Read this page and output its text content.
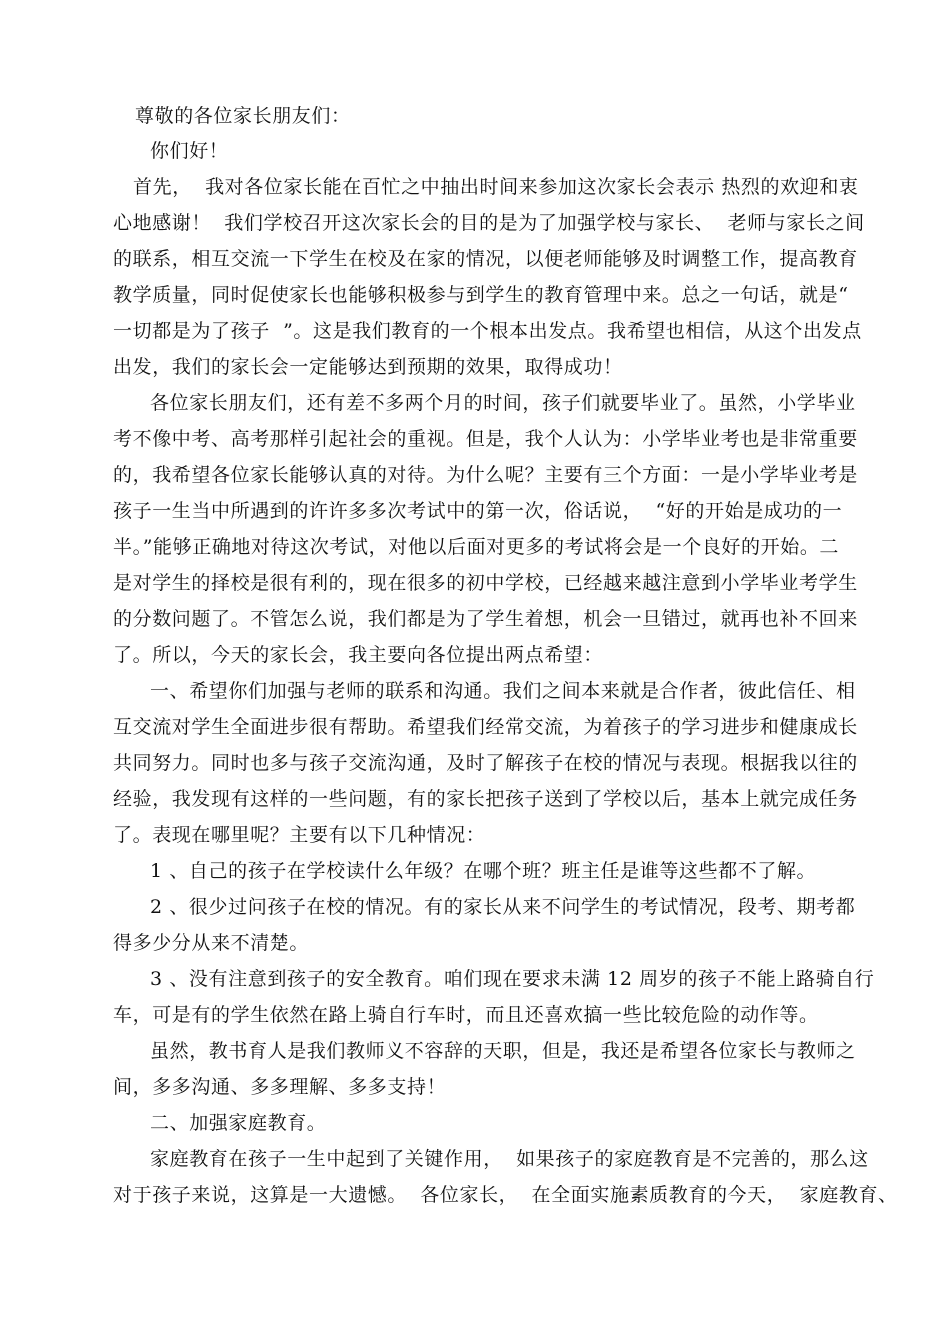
尊敬的各位家长朋友们：
你们好！
首先，  我对各位家长能在百忙之中抽出时间来参加这次家长会表示 热烈的欢迎和衷
心地感谢！  我们学校召开这次家长会的目的是为了加强学校与家长、  老师与家长之间
的联系，相互交流一下学生在校及在家的情况，以便老师能够及时调整工作，提高教育
教学质量，同时促使家长也能够积极参与到学生的教育管理中来。总之一句话，就是“
一切都是为了孩子  ”。这是我们教育的一个根本出发点。我希望也相信，从这个出发点
出发，我们的家长会一定能够达到预期的效果，取得成功！
各位家长朋友们，还有差不多两个月的时间，孩子们就要毕业了。虽然，小学毕业
考不像中考、高考那样引起社会的重视。但是，我个人认为：小学毕业考也是非常重要
的，我希望各位家长能够认真的对待。为什么呢？主要有三个方面：一是小学毕业考是
孩子一生当中所遇到的许许多多次考试中的第一次，俗话说，  “好的开始是成功的一
半。”能够正确地对待这次考试，对他以后面对更多的考试将会是一个良好的开始。二
是对学生的择校是很有利的，现在很多的初中学校，已经越来越注意到小学毕业考学生
的分数问题了。不管怎么说，我们都是为了学生着想，机会一旦错过，就再也补不回来
了。所以，今天的家长会，我主要向各位提出两点希望：
一、希望你们加强与老师的联系和沟通。我们之间本来就是合作者，彼此信任、相
互交流对学生全面进步很有帮助。希望我们经常交流，为着孩子的学习进步和健康成长
共同努力。同时也多与孩子交流沟通，及时了解孩子在校的情况与表现。根据我以往的
经验，我发现有这样的一些问题，有的家长把孩子送到了学校以后，基本上就完成任务
了。表现在哪里呢？主要有以下几种情况：
1 、自己的孩子在学校读什么年级？在哪个班？班主任是谁等这些都不了解。
2 、很少过问孩子在校的情况。有的家长从来不问学生的考试情况，段考、期考都
得多少分从来不清楚。
3 、没有注意到孩子的安全教育。咱们现在要求未满 12 周岁的孩子不能上路骑自行
车，可是有的学生依然在路上骑自行车时，而且还喜欢搞一些比较危险的动作等。
虽然，教书育人是我们教师义不容辞的天职，但是，我还是希望各位家长与教师之
间，多多沟通、多多理解、多多支持！
二、加强家庭教育。
家庭教育在孩子一生中起到了关键作用，  如果孩子的家庭教育是不完善的，那么这
对于孩子来说，这算是一大遗憾。  各位家长，  在全面实施素质教育的今天，  家庭教育、
